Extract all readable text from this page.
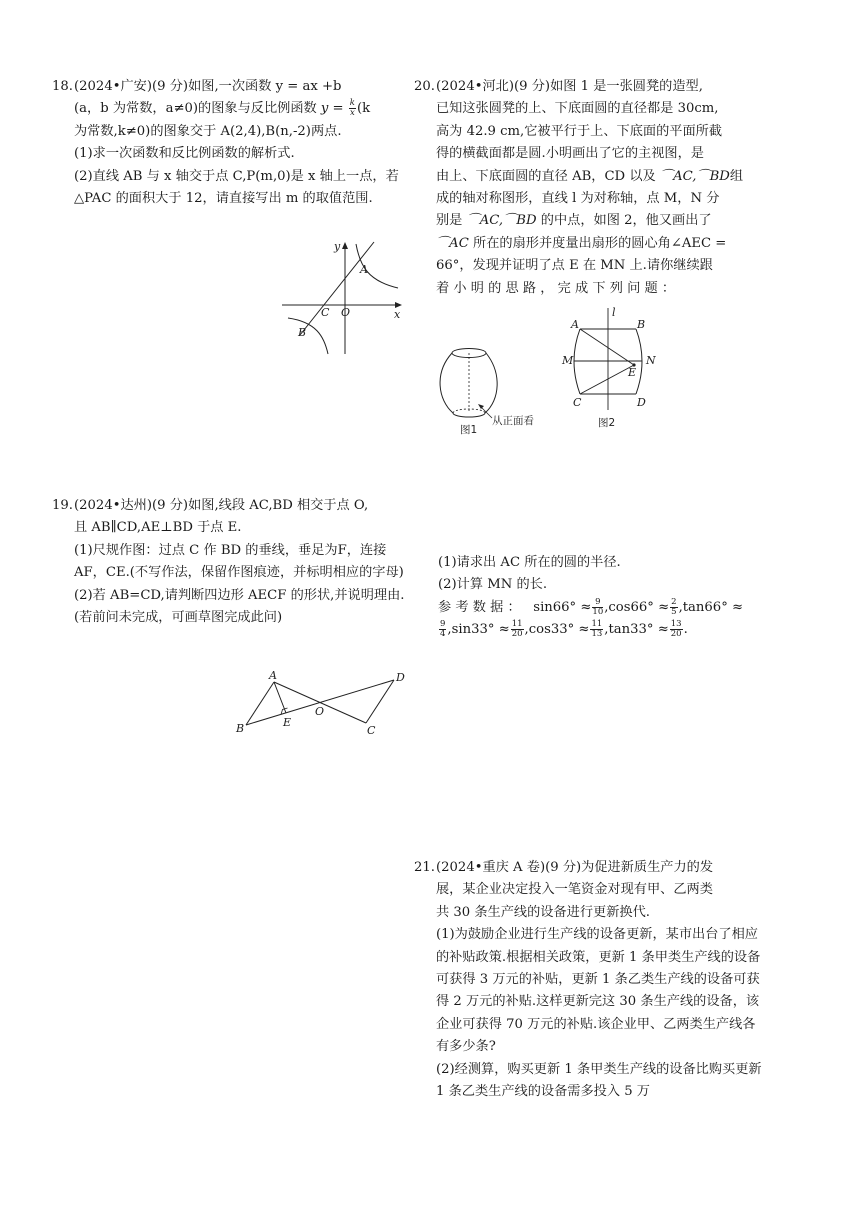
18. (2024•广安)(9 分)如图,一次函数 y = ax +b

(a，b 为常数，a≠0)的图象与反比例函数 $y = \frac{k}{x} (k$

为常数,k≠0)的图象交于 A(2,4),B(n,-2)两点.

(1)求一次函数和反比例函数的解析式.

(2)直线 AB 与 x 轴交于点 C,P(m,0)是 x 轴上一点，若△PAC 的面积大于 12，请直接写出 m 的取值范围.

y
x
A
B
C O
20. (2024•河北)(9 分)如图 1 是一张圆凳的造型,

已知这张圆凳的上、下底面圆的直径都是 30cm,

高为 42.9 cm,它被平行于上、下底面的平面所截

得的横截面都是圆.小明画出了它的主视图，是

由上、下底面圆的直径 AB，CD 以及 ⌒AC,⌒BD组

成的轴对称图形，直线 l 为对称轴，点 M，N 分

别是 ⌒AC,⌒BD 的中点，如图 2，他又画出了

⌒AC 所在的扇形并度量出扇形的圆心角∠AEC =

66°，发现并证明了点 E 在 MN 上.请你继续跟

着 小 明 的 思 路 ， 完 成 下 列 问 题 ：

从正面看
图1
l
A	B
M	N
E
C	D
图2

(1)请求出 AC 所在的圆的半径.

(2)计算 MN 的长.

参 考 数 据 ： $\sin 66^\circ \approx \frac{9}{10} ,\cos 66^\circ \approx \frac{2}{5} ,\tan 66^\circ$ ≈

$\frac{9}{4} ,\sin 33^\circ \approx \frac{11}{20} ,\cos 33^\circ \approx \frac{11}{13} ,\tan 33^\circ \approx \frac{13}{20}$ .

19. (2024•达州)(9 分)如图,线段 AC,BD 相交于点 O,

且 AB∥CD,AE⊥BD 于点 E.

(1)尺规作图：过点 C 作 BD 的垂线，垂足为F，连接 AF，CE.(不写作法，保留作图痕迹，并标明相应的字母)

(2)若 AB=CD,请判断四边形 AECF 的形状,并说明理由.(若前问未完成，可画草图完成此问)

A
B	E
O
C
D
21. (2024•重庆 A 卷)(9 分)为促进新质生产力的发

展，某企业决定投入一笔资金对现有甲、乙两类

共 30 条生产线的设备进行更新换代.

(1)为鼓励企业进行生产线的设备更新，某市出台了相应的补贴政策.根据相关政策，更新 1 条甲类生产线的设备可获得 3 万元的补贴，更新 1 条乙类生产线的设备可获得 2 万元的补贴.这样更新完这 30 条生产线的设备，该企业可获得 70 万元的补贴.该企业甲、乙两类生产线各有多少条?

(2)经测算，购买更新 1 条甲类生产线的设备比购买更新 1 条乙类生产线的设备需多投入 5 万
